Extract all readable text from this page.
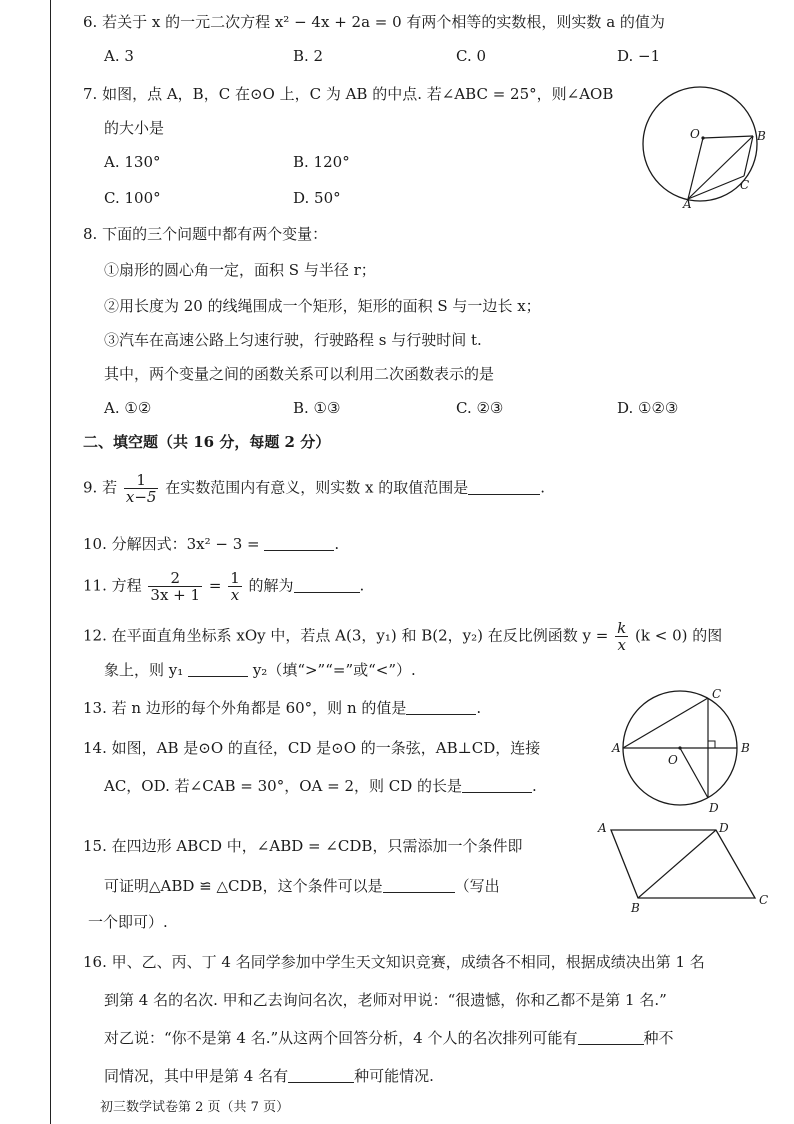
6. 若关于 x 的一元二次方程 x² − 4x + 2a = 0 有两个相等的实数根，则实数 a 的值为
A. 3	B. 2	C. 0	D. −1
7. 如图，点 A，B，C 在⊙O 上，C 为 AB 的中点. 若∠ABC = 25°，则∠AOB
的大小是
A. 130°	B. 120°
C. 100°	D. 50°
O	B
C
A
8. 下面的三个问题中都有两个变量：
①扇形的圆心角一定，面积 S 与半径 r；
②用长度为 20 的线绳围成一个矩形，矩形的面积 S 与一边长 x；
③汽车在高速公路上匀速行驶，行驶路程 s 与行驶时间 t.
其中，两个变量之间的函数关系可以利用二次函数表示的是
A. ①②	B. ①③	C. ②③	D. ①②③
二、填空题（共 16 分，每题 2 分）
9. 若 $\frac{1}{x-5}$ 在实数范围内有意义，则实数 x 的取值范围是	.
10. 分解因式：3x² − 3 =	.
11. 方程 $\frac{2}{3x + 1} = \frac{1}{x}$ 的解为	.
12. 在平面直角坐标系 xOy 中，若点 A(3，y₁) 和 B(2，y₂) 在反比例函数 $y = \frac{k}{x} (k < 0)$ 的图
象上，则 y₁	y₂（填“>”“=”或“<”）.
13. 若 n 边形的每个外角都是 60°，则 n 的值是	.
14. 如图，AB 是⊙O 的直径，CD 是⊙O 的一条弦，AB⊥CD，连接
AC，OD. 若∠CAB = 30°，OA = 2，则 CD 的长是	.
C
A	B
O
D
15. 在四边形 ABCD 中，∠ABD = ∠CDB，只需添加一个条件即
可证明△ABD ≌ △CDB，这个条件可以是	（写出
一个即可）.
A	D
B
C
16. 甲、乙、丙、丁 4 名同学参加中学生天文知识竞赛，成绩各不相同，根据成绩决出第 1 名
到第 4 名的名次. 甲和乙去询问名次，老师对甲说：“很遗憾，你和乙都不是第 1 名.”
对乙说：“你不是第 4 名.”从这两个回答分析，4 个人的名次排列可能有	种不
同情况，其中甲是第 4 名有	种可能情况.
初三数学试卷第 2 页（共 7 页）
